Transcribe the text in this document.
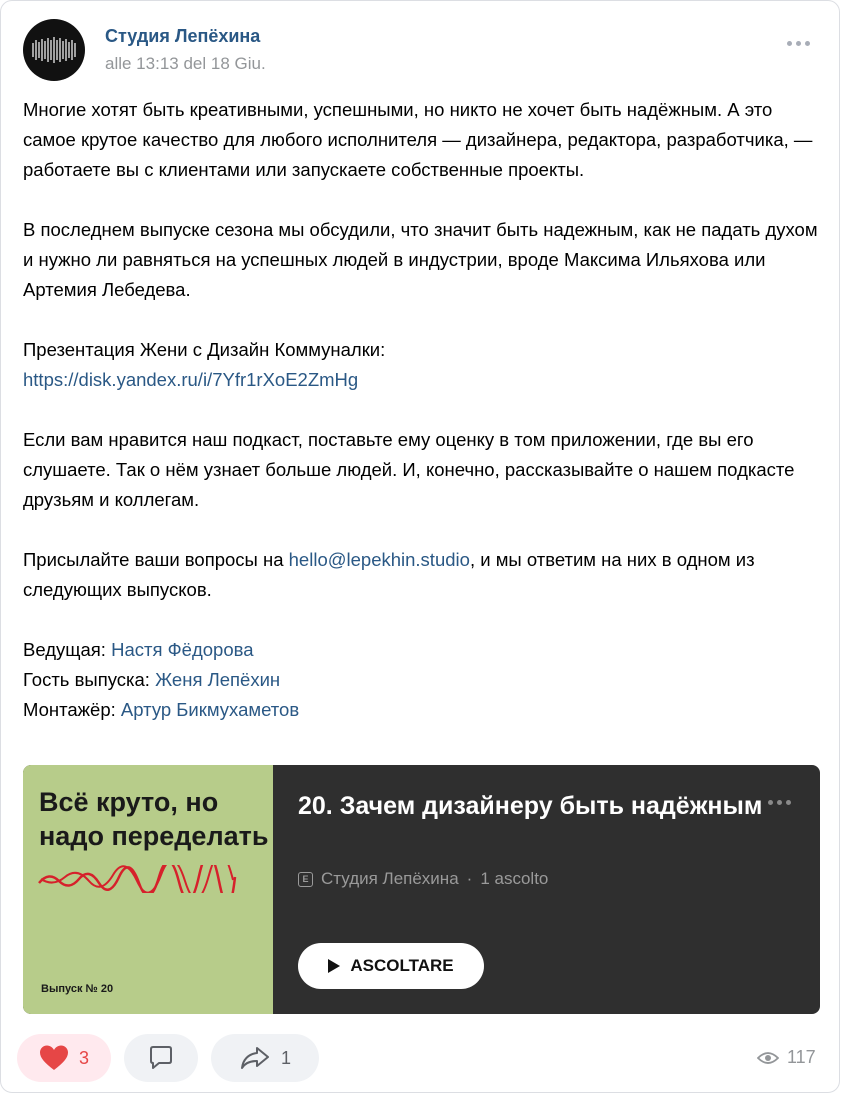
Студия Лепёхина
alle 13:13 del 18 Giu.

Многие хотят быть креативными, успешными, но никто не хочет быть надёжным. А это самое крутое качество для любого исполнителя — дизайнера, редактора, разработчика, — работаете вы с клиентами или запускаете собственные проекты.

В последнем выпуске сезона мы обсудили, что значит быть надежным, как не падать духом и нужно ли равняться на успешных людей в индустрии, вроде Максима Ильяхова или Артемия Лебедева.

Презентация Жени с Дизайн Коммуналки:

https://disk.yandex.ru/i/7Yfr1rXoE2ZmHg

Если вам нравится наш подкаст, поставьте ему оценку в том приложении, где вы его слушаете. Так о нём узнает больше людей. И, конечно, рассказывайте о нашем подкасте друзьям и коллегам.

Присылайте ваши вопросы на hello@lepekhin.studio, и мы ответим на них в одном из следующих выпусков.

Ведущая: Настя Фёдорова

Гость выпуска: Женя Лепёхин

Монтажёр: Артур Бикмухаметов

Всё круто, но надо переделать
Выпуск № 20
20. Зачем дизайнеру быть надёжным
E Студия Лепёхина · 1 ascolto
ASCOLTARE
3	1	117
